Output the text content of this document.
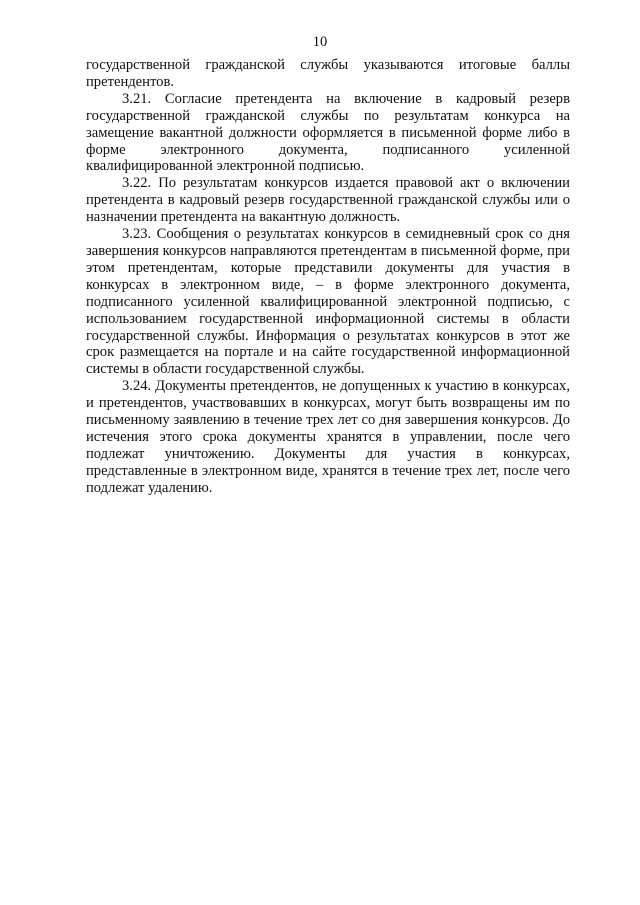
10

государственной гражданской службы указываются итоговые баллы претендентов.

3.21. Согласие претендента на включение в кадровый резерв государственной гражданской службы по результатам конкурса на замещение вакантной должности оформляется в письменной форме либо в форме электронного документа, подписанного усиленной квалифицированной электронной подписью.

3.22. По результатам конкурсов издается правовой акт о включении претендента в кадровый резерв государственной гражданской службы или о назначении претендента на вакантную должность.

3.23. Сообщения о результатах конкурсов в семидневный срок со дня завершения конкурсов направляются претендентам в письменной форме, при этом претендентам, которые представили документы для участия в конкурсах в электронном виде, – в форме электронного документа, подписанного усиленной квалифицированной электронной подписью, с использованием государственной информационной системы в области государственной службы. Информация о результатах конкурсов в этот же срок размещается на портале и на сайте государственной информационной системы в области государственной службы.

3.24. Документы претендентов, не допущенных к участию в конкурсах, и претендентов, участвовавших в конкурсах, могут быть возвращены им по письменному заявлению в течение трех лет со дня завершения конкурсов. До истечения этого срока документы хранятся в управлении, после чего подлежат уничтожению. Документы для участия в конкурсах, представленные в электронном виде, хранятся в течение трех лет, после чего подлежат удалению.
